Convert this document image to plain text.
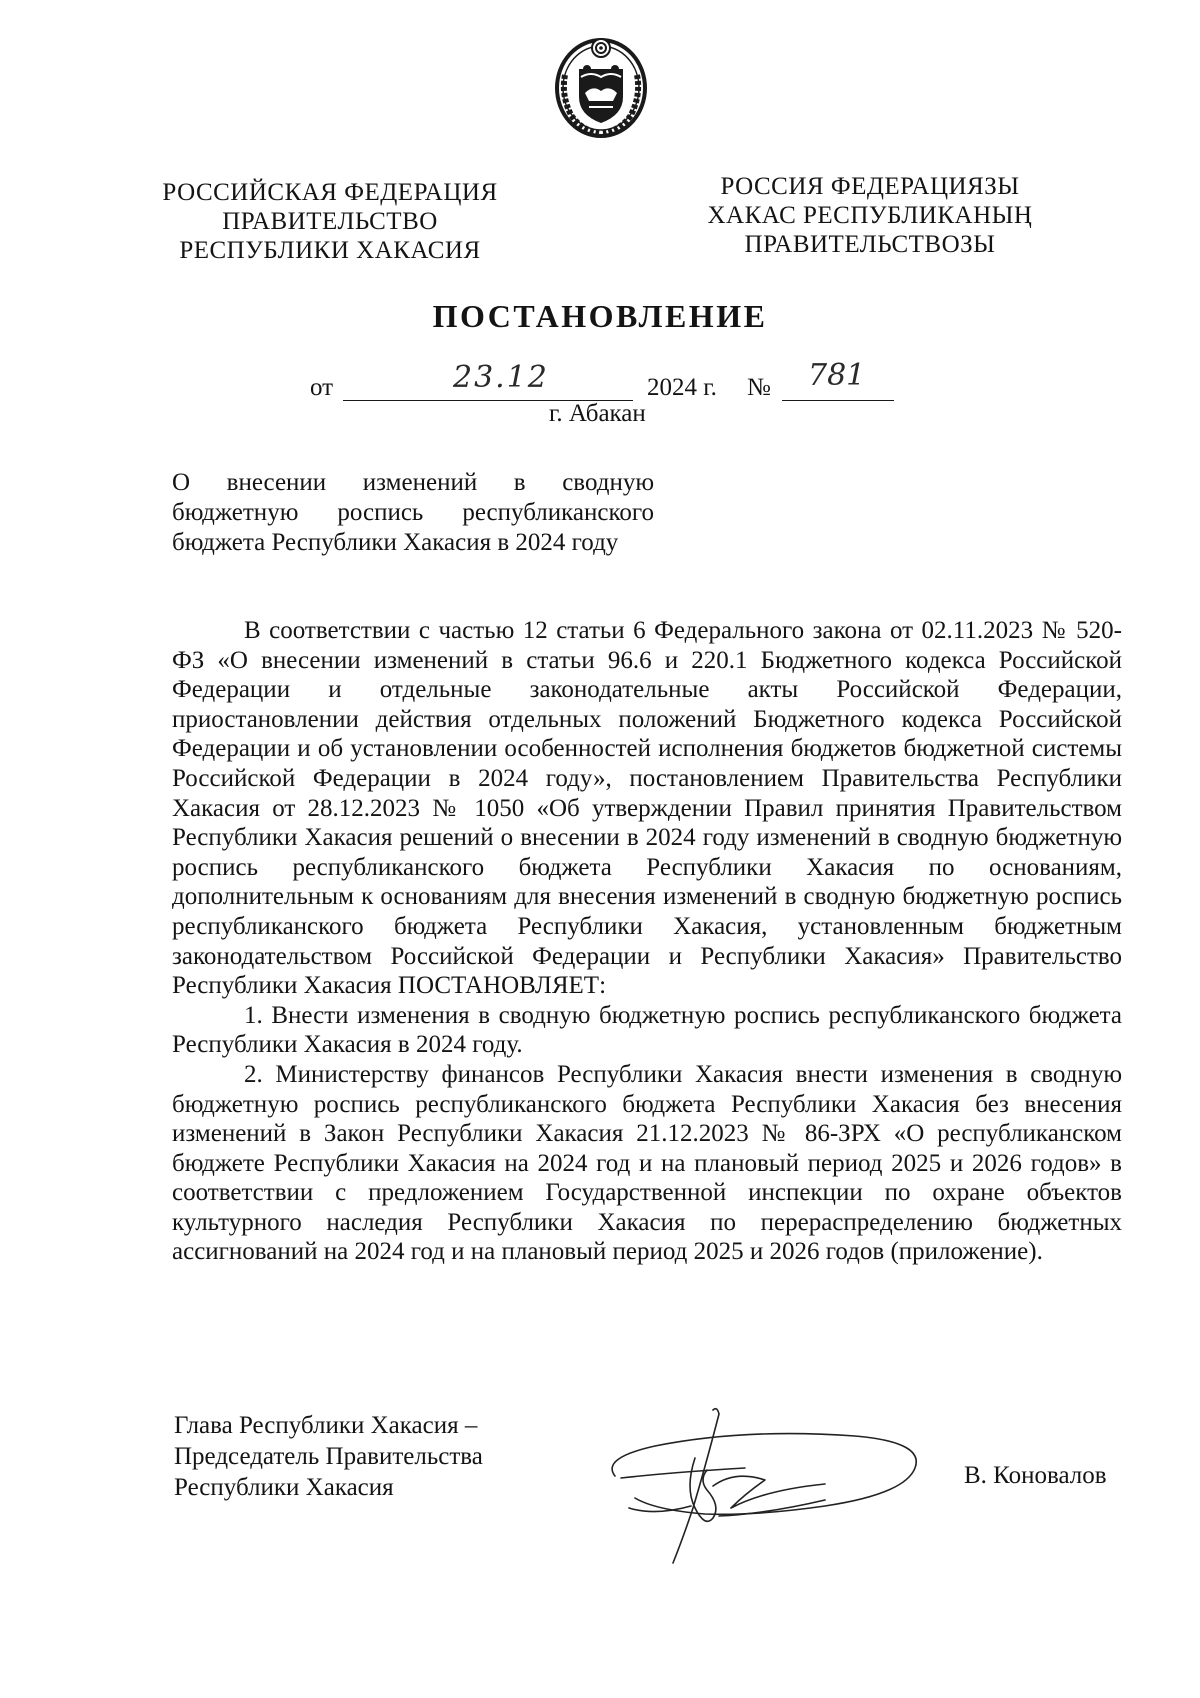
РОССИЙСКАЯ ФЕДЕРАЦИЯ
ПРАВИТЕЛЬСТВО
РЕСПУБЛИКИ ХАКАСИЯ
РОССИЯ ФЕДЕРАЦИЯЗЫ
ХАКАС РЕСПУБЛИКАНЫҢ
ПРАВИТЕЛЬСТВОЗЫ
ПОСТАНОВЛЕНИЕ
от	23.12	2024 г. № 781
г. Абакан
О внесении изменений в сводную
бюджетную роспись республиканского
бюджета Республики Хакасия в 2024 году

В соответствии с частью 12 статьи 6 Федерального закона от 02.11.2023 № 520-ФЗ «О внесении изменений в статьи 96.6 и 220.1 Бюджетного кодекса Российской Федерации и отдельные законодательные акты Российской Федерации, приостановлении действия отдельных положений Бюджетного кодекса Российской Федерации и об установлении особенностей исполнения бюджетов бюджетной системы Российской Федерации в 2024 году», постановлением Правительства Республики Хакасия от 28.12.2023 № 1050 «Об утверждении Правил принятия Правительством Республики Хакасия решений о внесении в 2024 году изменений в сводную бюджетную роспись республиканского бюджета Республики Хакасия по основаниям, дополнительным к основаниям для внесения изменений в сводную бюджетную роспись республиканского бюджета Республики Хакасия, установленным бюджетным законодательством Российской Федерации и Республики Хакасия» Правительство Республики Хакасия ПОСТАНОВЛЯЕТ:

1. Внести изменения в сводную бюджетную роспись республиканского бюджета Республики Хакасия в 2024 году.

2. Министерству финансов Республики Хакасия внести изменения в сводную бюджетную роспись республиканского бюджета Республики Хакасия без внесения изменений в Закон Республики Хакасия 21.12.2023 № 86-ЗРХ «О республиканском бюджете Республики Хакасия на 2024 год и на плановый период 2025 и 2026 годов» в соответствии с предложением Государственной инспекции по охране объектов культурного наследия Республики Хакасия по перераспределению бюджетных ассигнований на 2024 год и на плановый период 2025 и 2026 годов (приложение).

Глава Республики Хакасия –
Председатель Правительства
Республики Хакасия	В. Коновалов
